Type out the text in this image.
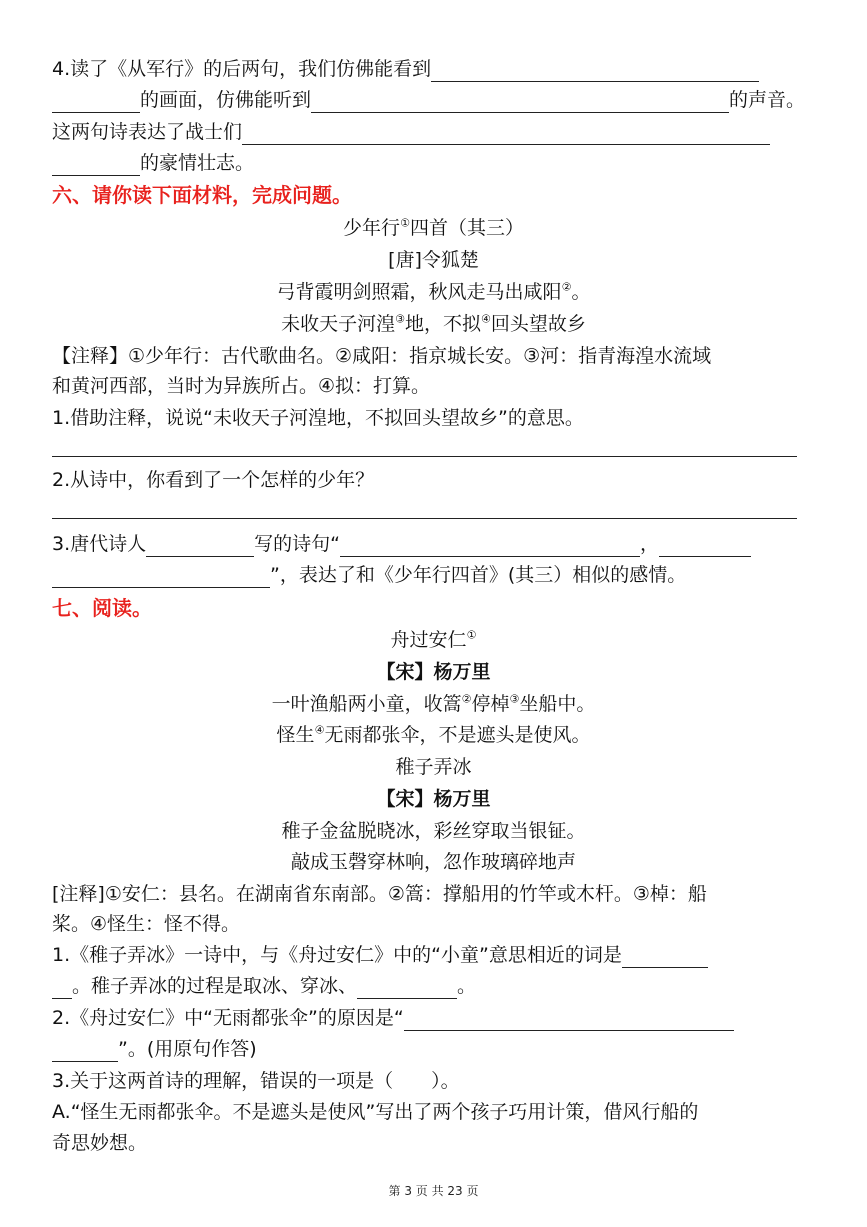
4.读了《从军行》的后两句，我们仿佛能看到
的画面，仿佛能听到	的声音。
这两句诗表达了战士们
的豪情壮志。
六、请你读下面材料，完成问题。
少年行①四首（其三）
[唐]令狐楚
弓背霞明剑照霜，秋风走马出咸阳②。
未收天子河湟③地，不拟④回头望故乡
【注释】①少年行：古代歌曲名。②咸阳：指京城长安。③河：指青海湟水流域
和黄河西部，当时为异族所占。④拟：打算。
1.借助注释，说说“未收天子河湟地，不拟回头望故乡”的意思。
2.从诗中，你看到了一个怎样的少年？
3.唐代诗人	写的诗句“	，
”，表达了和《少年行四首》(其三）相似的感情。
七、阅读。
舟过安仁①
【宋】杨万里
一叶渔船两小童，收篙②停棹③坐船中。
怪生④无雨都张伞，不是遮头是使风。
稚子弄冰
【宋】杨万里
稚子金盆脱晓冰，彩丝穿取当银钲。
敲成玉磬穿林响，忽作玻璃碎地声
[注释]①安仁：县名。在湖南省东南部。②篙：撑船用的竹竿或木杆。③棹：船
桨。④怪生：怪不得。
1.《稚子弄冰》一诗中，与《舟过安仁》中的“小童”意思相近的词是
。稚子弄冰的过程是取冰、穿冰、	。
2.《舟过安仁》中“无雨都张伞”的原因是“
”。(用原句作答)
3.关于这两首诗的理解，错误的一项是（　　）。
A.“怪生无雨都张伞。不是遮头是使风”写出了两个孩子巧用计策，借风行船的
奇思妙想。
第 3 页 共 23 页
